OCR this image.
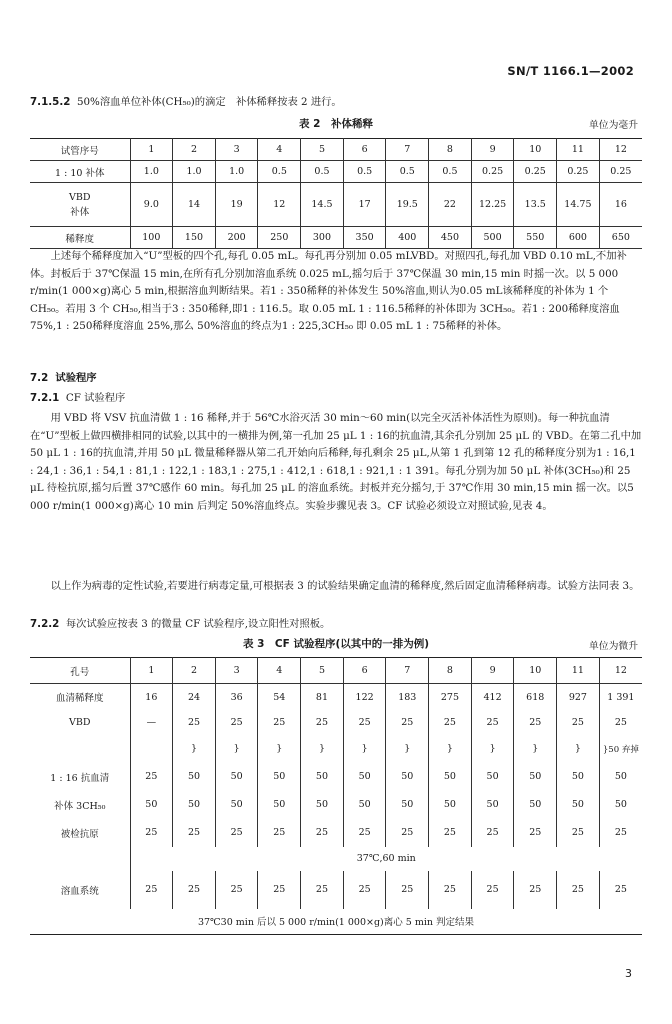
SN/T 1166.1—2002
7.1.5.2 50%溶血单位补体(CH₅₀)的滴定　补体稀释按表 2 进行。
表 2　补体稀释	单位为毫升
试管序号	1	2	3	4	5	6	7	8	9	10	11	12
1 : 10 补体	1.0	1.0	1.0	0.5	0.5	0.5	0.5	0.5	0.25	0.25	0.25	0.25

VBD
补体	9.0	14	19	12	14.5	17	19.5	22	12.25	13.5	14.75	16
稀释度	100	150	200	250	300	350	400	450	500	550	600	650
上述每个稀释度加入“U”型板的四个孔,每孔 0.05 mL。每孔再分别加 0.05 mLVBD。对照四孔,每孔加 VBD 0.10 mL,不加补体。封板后于 37℃保温 15 min,在所有孔分别加溶血系统 0.025 mL,摇匀后于 37℃保温 30 min,15 min 时摇一次。以 5 000 r/min(1 000×g)离心 5 min,根据溶血判断结果。若1 : 350稀释的补体发生 50%溶血,则认为0.05 mL该稀释度的补体为 1 个 CH₅₀。若用 3 个 CH₅₀,相当于3 : 350稀释,即1 : 116.5。取 0.05 mL 1 : 116.5稀释的补体即为 3CH₅₀。若1 : 200稀释度溶血75%,1 : 250稀释度溶血 25%,那么 50%溶血的终点为1 : 225,3CH₅₀ 即 0.05 mL 1 : 75稀释的补体。
7.2 试验程序
7.2.1 CF 试验程序
用 VBD 将 VSV 抗血清做 1 : 16 稀释,并于 56℃水浴灭活 30 min～60 min(以完全灭活补体活性为原则)。每一种抗血清在“U”型板上做四横排相同的试验,以其中的一横排为例,第一孔加 25 μL 1 : 16的抗血清,其余孔分别加 25 μL 的 VBD。在第二孔中加 50 μL 1 : 16的抗血清,并用 50 μL 微量稀释器从第二孔开始向后稀释,每孔剩余 25 μL,从第 1 孔到第 12 孔的稀释度分别为1 : 16,1 : 24,1 : 36,1 : 54,1 : 81,1 : 122,1 : 183,1 : 275,1 : 412,1 : 618,1 : 921,1 : 1 391。每孔分别为加 50 μL 补体(3CH₅₀)和 25 μL 待检抗原,摇匀后置 37℃感作 60 min。每孔加 25 μL 的溶血系统。封板并充分摇匀,于 37℃作用 30 min,15 min 摇一次。以5 000 r/min(1 000×g)离心 10 min 后判定 50%溶血终点。实验步骤见表 3。CF 试验必须设立对照试验,见表 4。
以上作为病毒的定性试验,若要进行病毒定量,可根据表 3 的试验结果确定血清的稀释度,然后固定血清稀释病毒。试验方法同表 3。
7.2.2 每次试验应按表 3 的微量 CF 试验程序,设立阳性对照板。
表 3　CF 试验程序(以其中的一排为例)	单位为微升
孔号	1	2	3	4	5	6	7	8	9	10	11	12
血清稀释度	16	24	36	54	81	122	183	275	412	618	927	1 391
VBD	—	25	25	25	25	25	25	25	25	25	25	25
		}	}	}	}	}	}	}	}	}	}	}50 弃掉
1 : 16 抗血清	25	50	50	50	50	50	50	50	50	50	50	50
补体 3CH₅₀	50	50	50	50	50	50	50	50	50	50	50	50
被检抗原	25	25	25	25	25	25	25	25	25	25	25	25
	37℃,60 min											
溶血系统	25	25	25	25	25	25	25	25	25	25	25	25
37℃30 min 后以 5 000 r/min(1 000×g)离心 5 min 判定结果												
3
